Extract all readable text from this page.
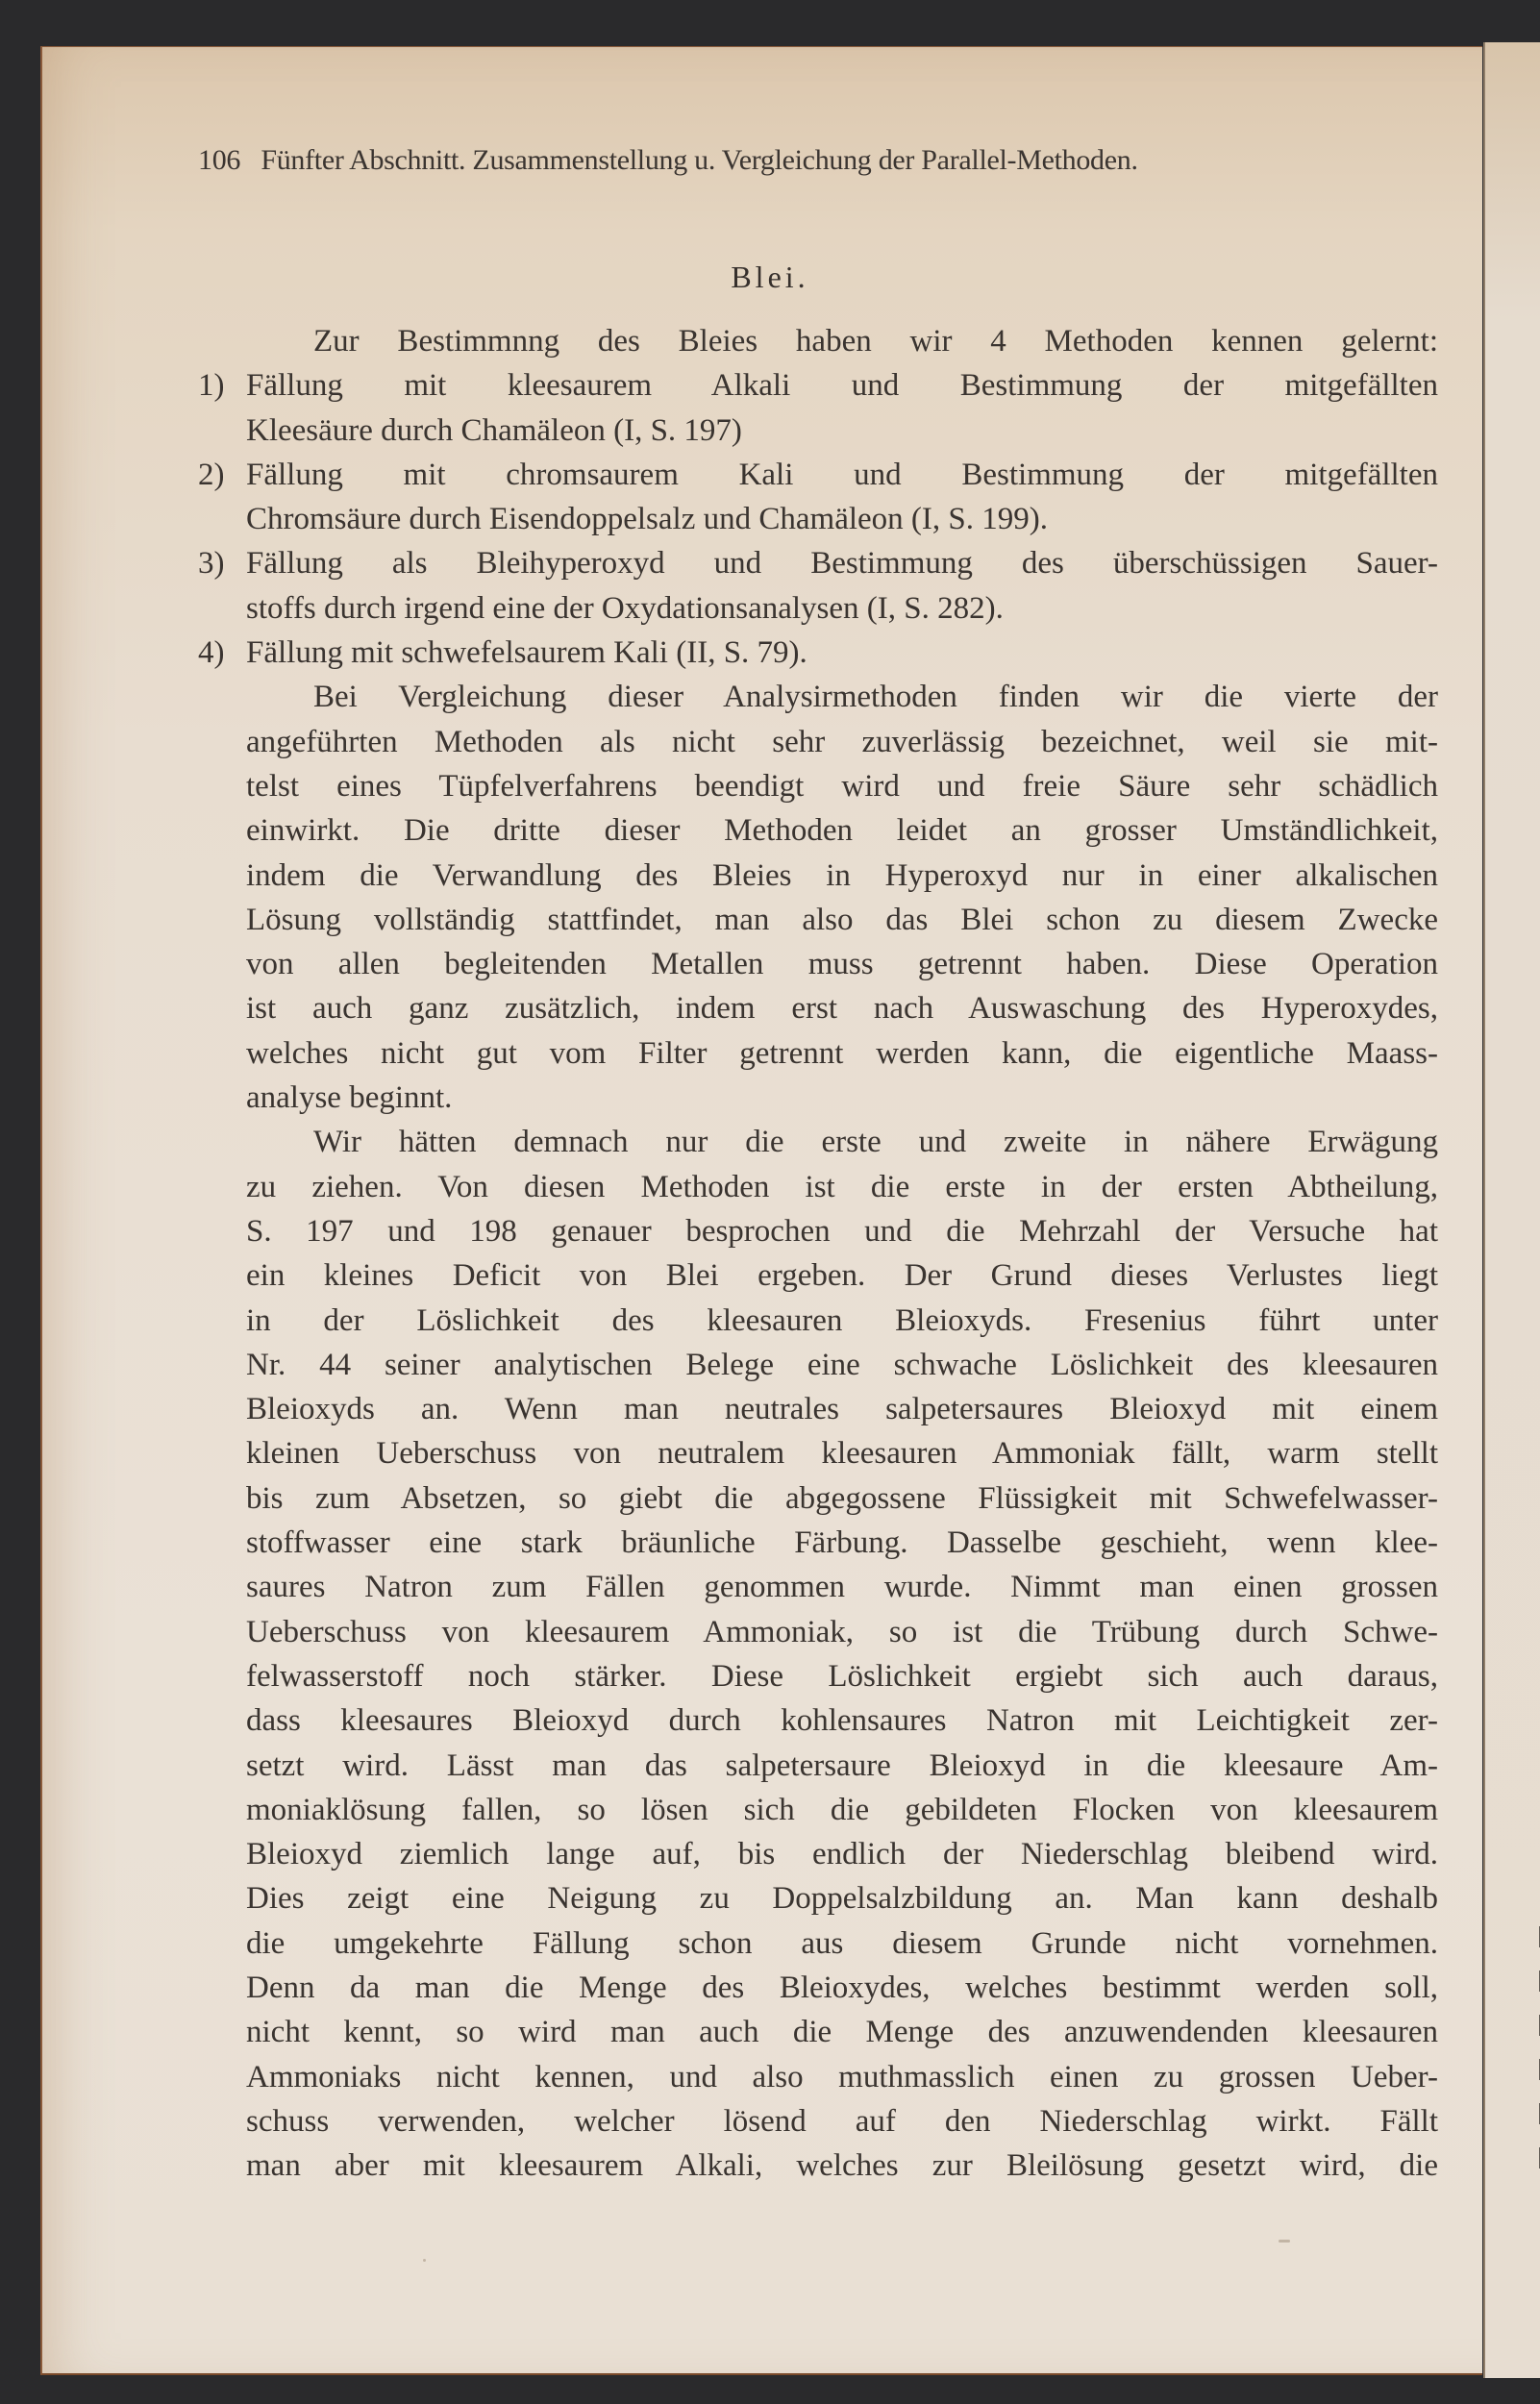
106 Fünfter Abschnitt. Zusammenstellung u. Vergleichung der Parallel-Methoden.
Blei.
Zur Bestimmnng des Bleies haben wir 4 Methoden kennen gelernt:
1) Fällung mit kleesaurem Alkali und Bestimmung der mitgefällten
Kleesäure durch Chamäleon (I, S. 197)
2) Fällung mit chromsaurem Kali und Bestimmung der mitgefällten
Chromsäure durch Eisendoppelsalz und Chamäleon (I, S. 199).
3) Fällung als Bleihyperoxyd und Bestimmung des überschüssigen Sauer-
stoffs durch irgend eine der Oxydationsanalysen (I, S. 282).
4) Fällung mit schwefelsaurem Kali (II, S. 79).
Bei Vergleichung dieser Analysirmethoden finden wir die vierte der
angeführten Methoden als nicht sehr zuverlässig bezeichnet, weil sie mit-
telst eines Tüpfelverfahrens beendigt wird und freie Säure sehr schädlich
einwirkt. Die dritte dieser Methoden leidet an grosser Umständlichkeit,
indem die Verwandlung des Bleies in Hyperoxyd nur in einer alkalischen
Lösung vollständig stattfindet, man also das Blei schon zu diesem Zwecke
von allen begleitenden Metallen muss getrennt haben. Diese Operation
ist auch ganz zusätzlich, indem erst nach Auswaschung des Hyperoxydes,
welches nicht gut vom Filter getrennt werden kann, die eigentliche Maass-
analyse beginnt.
Wir hätten demnach nur die erste und zweite in nähere Erwägung
zu ziehen. Von diesen Methoden ist die erste in der ersten Abtheilung,
S. 197 und 198 genauer besprochen und die Mehrzahl der Versuche hat
ein kleines Deficit von Blei ergeben. Der Grund dieses Verlustes liegt
in der Löslichkeit des kleesauren Bleioxyds. Fresenius führt unter
Nr. 44 seiner analytischen Belege eine schwache Löslichkeit des kleesauren
Bleioxyds an. Wenn man neutrales salpetersaures Bleioxyd mit einem
kleinen Ueberschuss von neutralem kleesauren Ammoniak fällt, warm stellt
bis zum Absetzen, so giebt die abgegossene Flüssigkeit mit Schwefelwasser-
stoffwasser eine stark bräunliche Färbung. Dasselbe geschieht, wenn klee-
saures Natron zum Fällen genommen wurde. Nimmt man einen grossen
Ueberschuss von kleesaurem Ammoniak, so ist die Trübung durch Schwe-
felwasserstoff noch stärker. Diese Löslichkeit ergiebt sich auch daraus,
dass kleesaures Bleioxyd durch kohlensaures Natron mit Leichtigkeit zer-
setzt wird. Lässt man das salpetersaure Bleioxyd in die kleesaure Am-
moniaklösung fallen, so lösen sich die gebildeten Flocken von kleesaurem
Bleioxyd ziemlich lange auf, bis endlich der Niederschlag bleibend wird.
Dies zeigt eine Neigung zu Doppelsalzbildung an. Man kann deshalb
die umgekehrte Fällung schon aus diesem Grunde nicht vornehmen.
Denn da man die Menge des Bleioxydes, welches bestimmt werden soll,
nicht kennt, so wird man auch die Menge des anzuwendenden kleesauren
Ammoniaks nicht kennen, und also muthmasslich einen zu grossen Ueber-
schuss verwenden, welcher lösend auf den Niederschlag wirkt. Fällt
man aber mit kleesaurem Alkali, welches zur Bleilösung gesetzt wird, die
